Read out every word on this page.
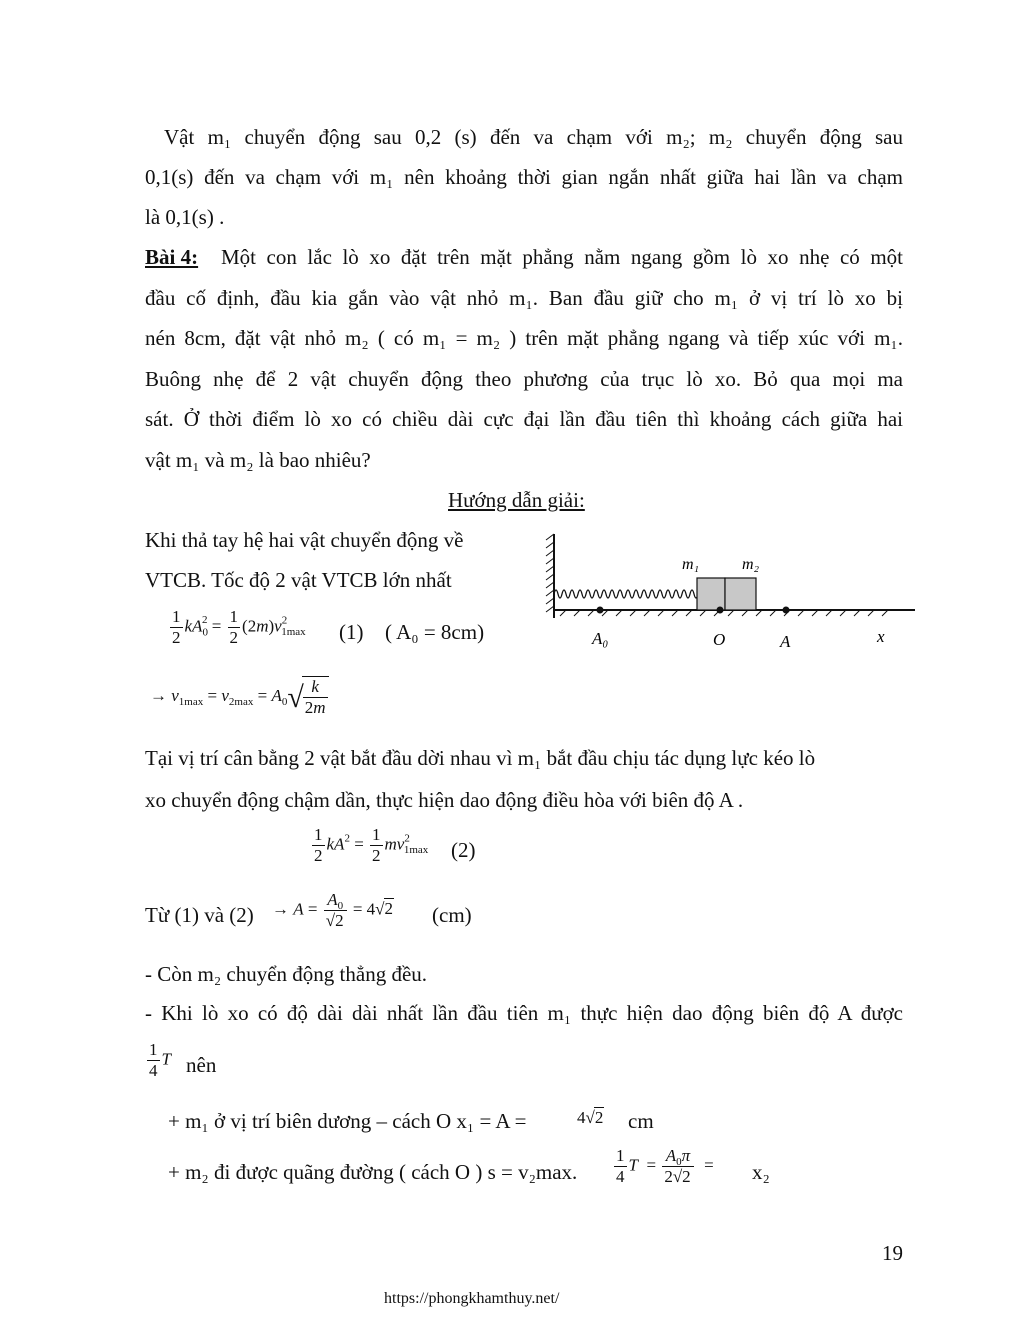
Vật m₁ chuyển động sau 0,2 (s) đến va chạm với m₂; m₂ chuyển động sau
0,1(s) đến va chạm với m₁ nên khoảng thời gian ngắn nhất giữa hai lần va chạm
là 0,1(s) .
Bài 4: Một con lắc lò xo đặt trên mặt phẳng nằm ngang gồm lò xo nhẹ có một
đầu cố định, đầu kia gắn vào vật nhỏ m₁. Ban đầu giữ cho m₁ ở vị trí lò xo bị
nén 8cm, đặt vật nhỏ m₂ ( có m₁ = m₂ ) trên mặt phẳng ngang và tiếp xúc với m₁.
Buông nhẹ để 2 vật chuyển động theo phương của trục lò xo. Bỏ qua mọi ma
sát. Ở thời điểm lò xo có chiều dài cực đại lần đầu tiên thì khoảng cách giữa hai
vật m₁ và m₂ là bao nhiêu?
Hướng dẫn giải:
Khi thả tay hệ hai vật chuyển động về
VTCB. Tốc độ 2 vật VTCB lớn nhất
$\frac{1}{2} kA_0^2 = \frac{1}{2} (2m)v^2_{1max}$ (1) ( A₀ = 8cm)
→ $v_{1max} = v_{2max} = A_0√$
$\frac{k}{2m}$
Tại vị trí cân bằng 2 vật bắt đầu dời nhau vì m₁ bắt đầu chịu tác dụng lực kéo lò
xo chuyển động chậm dần, thực hiện dao động điều hòa với biên độ A .
$\frac{1}{2} kA^2 = \frac{1}{2} mv^2_{1max}$ (2)
Từ (1) và $(2) \to A = \frac{A_0}{√2} = 4√2$ (cm)
- Còn m₂ chuyển động thẳng đều.
- Khi lò xo có độ dài dài nhất lần đầu tiên m₁ thực hiện dao động biên độ A được
$\frac{1}{4}$ T nên
+ m₁ ở vị trí biên dương – cách O x₁ = A =	4√2 cm
+ m₂ đi được quãng đường ( cách O ) s = v₂max. $\frac{1}{4}$ $T = \frac{A_0\pi}{2√2} = x_2$
m₁	m₂
A₀	O	A	x
19
https://phongkhamthuy.net/
